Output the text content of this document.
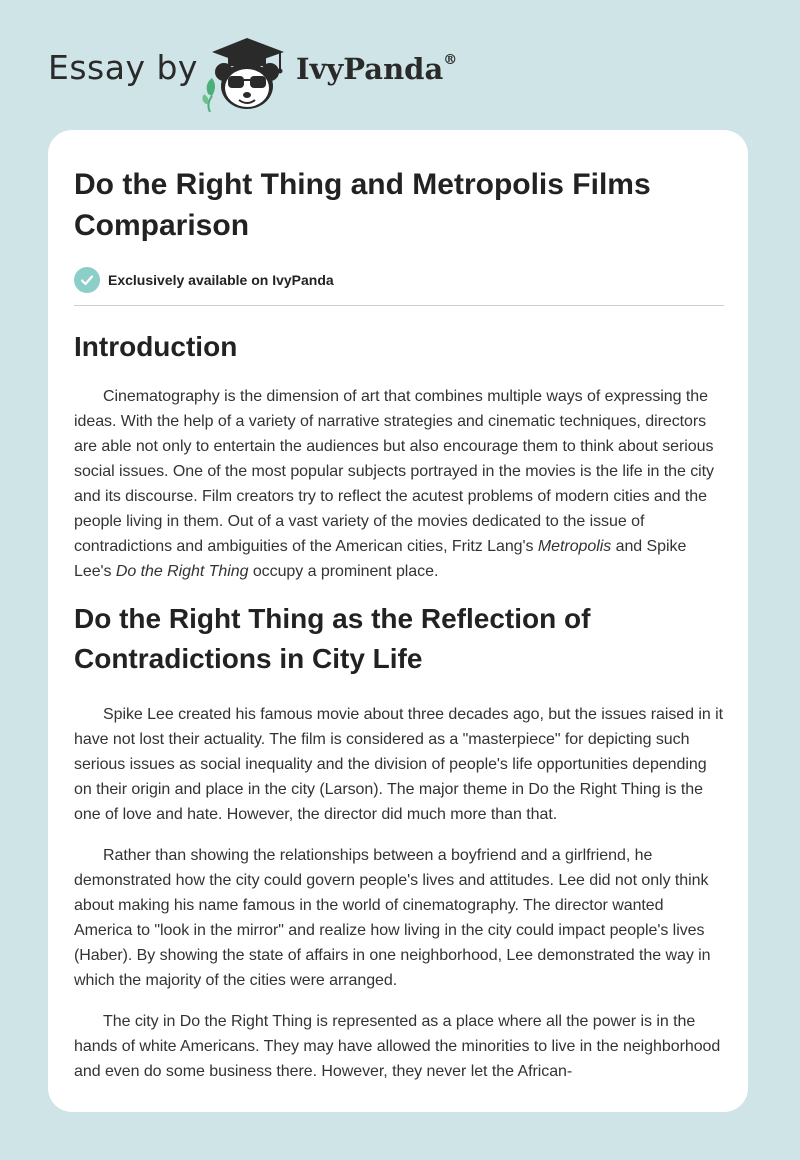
Essay by	IvyPanda®
Do the Right Thing and Metropolis Films Comparison
Exclusively available on IvyPanda
Introduction

Cinematography is the dimension of art that combines multiple ways of expressing the ideas. With the help of a variety of narrative strategies and cinematic techniques, directors are able not only to entertain the audiences but also encourage them to think about serious social issues. One of the most popular subjects portrayed in the movies is the life in the city and its discourse. Film creators try to reflect the acutest problems of modern cities and the people living in them. Out of a vast variety of the movies dedicated to the issue of contradictions and ambiguities of the American cities, Fritz Lang's Metropolis and Spike Lee's Do the Right Thing occupy a prominent place.

Do the Right Thing as the Reflection of Contradictions in City Life

Spike Lee created his famous movie about three decades ago, but the issues raised in it have not lost their actuality. The film is considered as a "masterpiece" for depicting such serious issues as social inequality and the division of people's life opportunities depending on their origin and place in the city (Larson). The major theme in Do the Right Thing is the one of love and hate. However, the director did much more than that.

Rather than showing the relationships between a boyfriend and a girlfriend, he demonstrated how the city could govern people's lives and attitudes. Lee did not only think about making his name famous in the world of cinematography. The director wanted America to "look in the mirror" and realize how living in the city could impact people's lives (Haber). By showing the state of affairs in one neighborhood, Lee demonstrated the way in which the majority of the cities were arranged.

The city in Do the Right Thing is represented as a place where all the power is in the hands of white Americans. They may have allowed the minorities to live in the neighborhood and even do some business there. However, they never let the African-
